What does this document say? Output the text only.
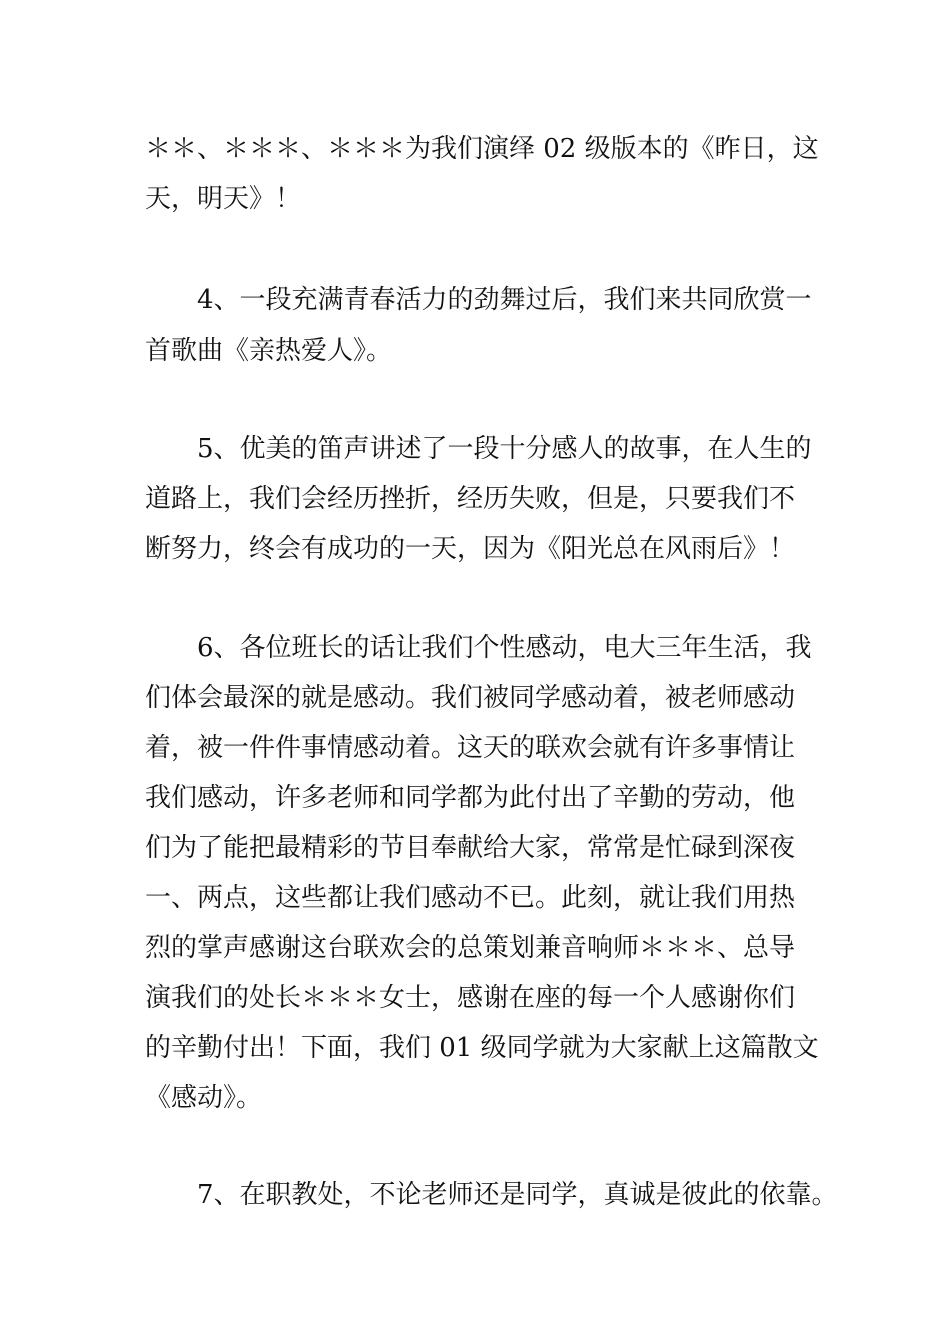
＊＊、＊＊＊、＊＊＊为我们演绎 02 级版本的《昨日，这
天，明天》！
4、一段充满青春活力的劲舞过后，我们来共同欣赏一
首歌曲《亲热爱人》。
5、优美的笛声讲述了一段十分感人的故事，在人生的
道路上，我们会经历挫折，经历失败，但是，只要我们不
断努力，终会有成功的一天，因为《阳光总在风雨后》！
6、各位班长的话让我们个性感动，电大三年生活，我
们体会最深的就是感动。我们被同学感动着，被老师感动
着，被一件件事情感动着。这天的联欢会就有许多事情让
我们感动，许多老师和同学都为此付出了辛勤的劳动，他
们为了能把最精彩的节目奉献给大家，常常是忙碌到深夜
一、两点，这些都让我们感动不已。此刻，就让我们用热
烈的掌声感谢这台联欢会的总策划兼音响师＊＊＊、总导
演我们的处长＊＊＊女士，感谢在座的每一个人感谢你们
的辛勤付出！下面，我们 01 级同学就为大家献上这篇散文
《感动》。
7、在职教处，不论老师还是同学，真诚是彼此的依靠。
